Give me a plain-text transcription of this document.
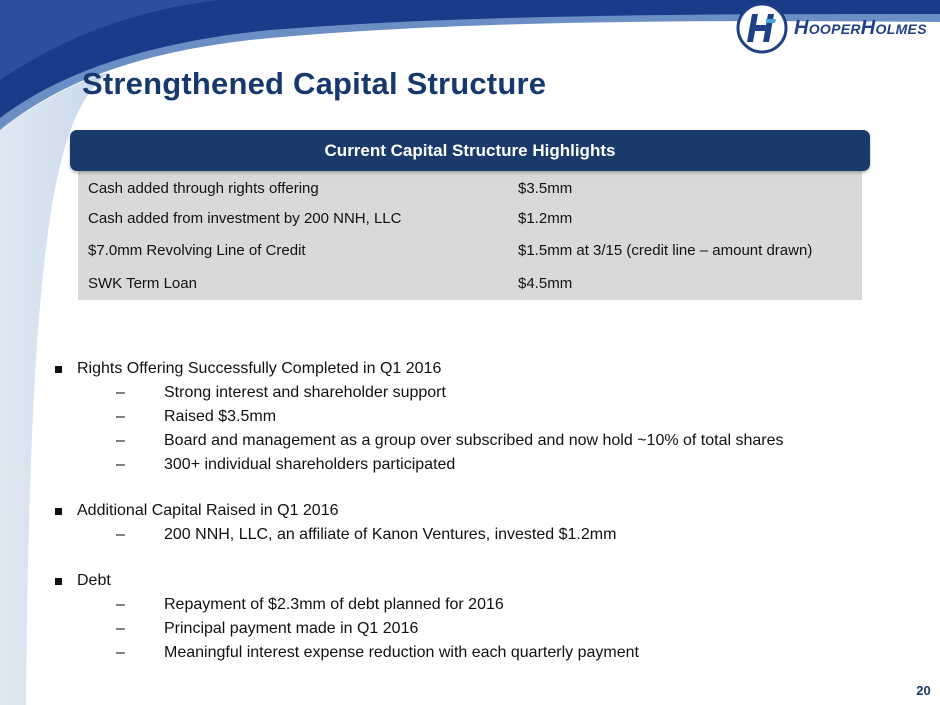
HooperHolmes
Strengthened Capital Structure
Current Capital Structure Highlights
Cash added through rights offering	$3.5mm
Cash added from investment by 200 NNH, LLC	$1.2mm
$7.0mm Revolving Line of Credit	$1.5mm at 3/15 (credit line – amount drawn)
SWK Term Loan	$4.5mm
Rights Offering Successfully Completed in Q1 2016
– Strong interest and shareholder support
– Raised $3.5mm
– Board and management as a group over subscribed and now hold ~10% of total shares
– 300+ individual shareholders participated
Additional Capital Raised in Q1 2016
– 200 NNH, LLC, an affiliate of Kanon Ventures, invested $1.2mm
Debt
– Repayment of $2.3mm of debt planned for 2016
– Principal payment made in Q1 2016
– Meaningful interest expense reduction with each quarterly payment
20
